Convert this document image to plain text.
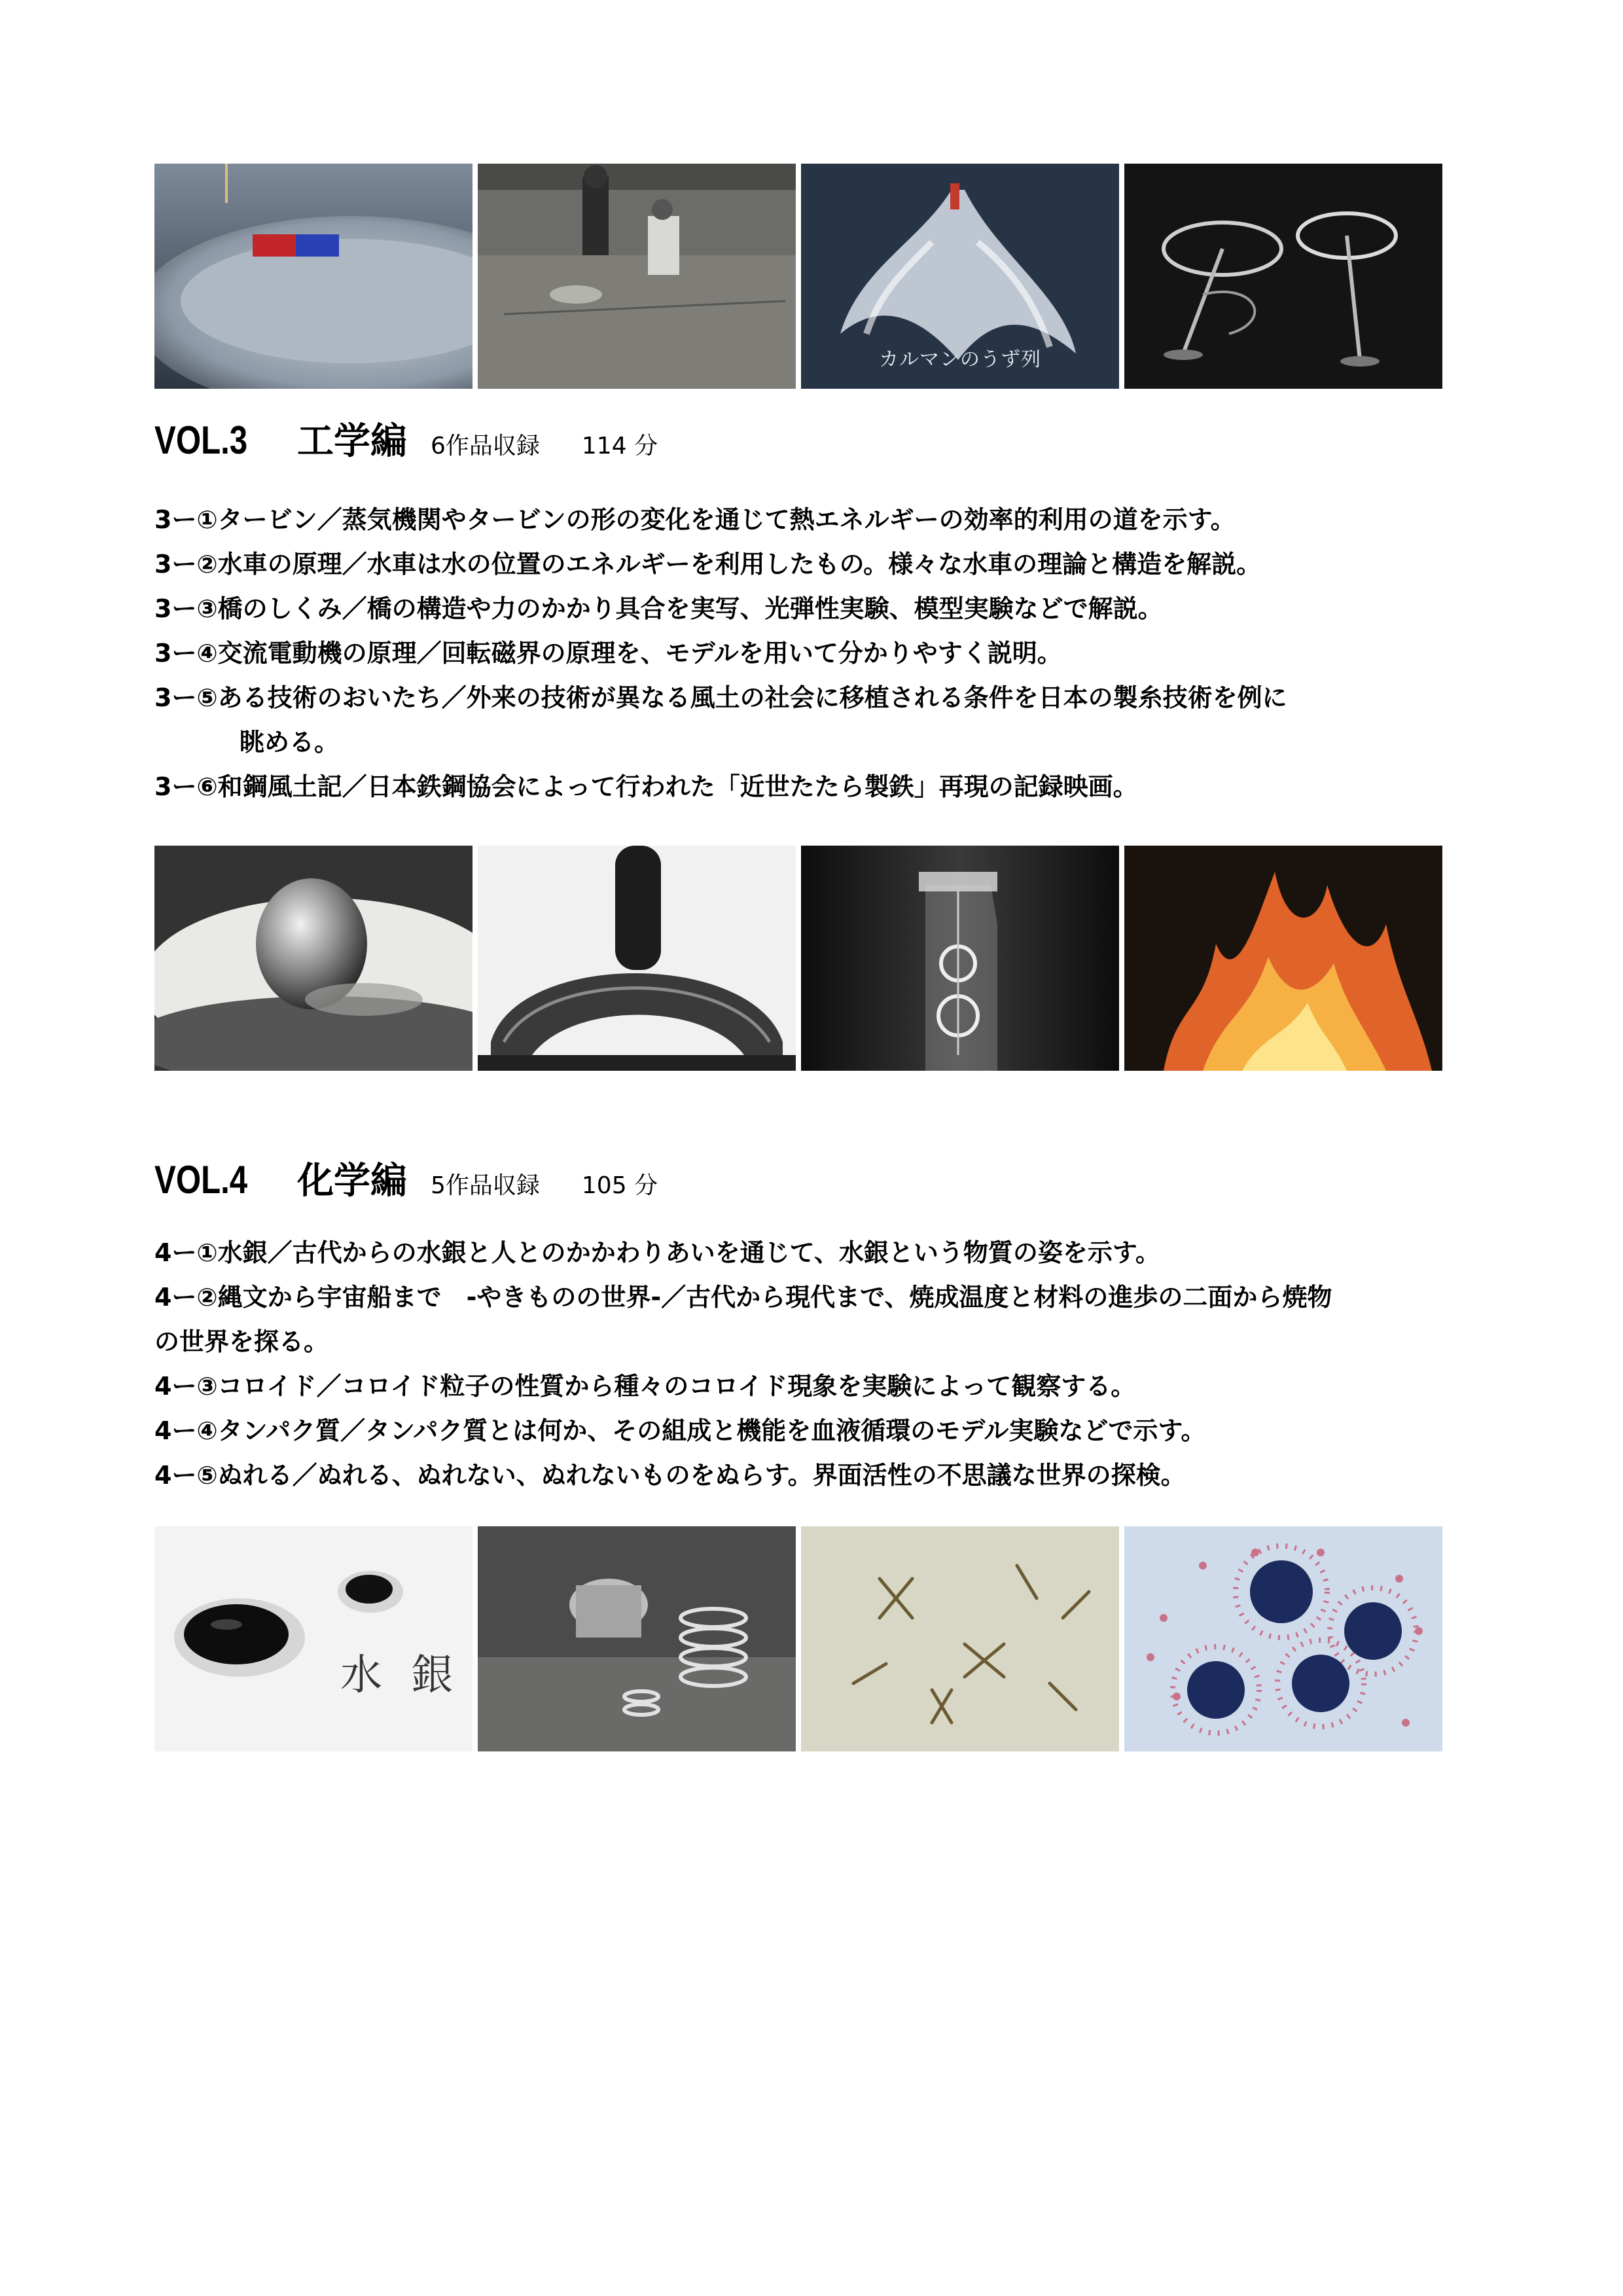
カルマンのうず列
VOL.3	工学編 6作品収録 114 分
3ー①タービン／蒸気機関やタービンの形の変化を通じて熱エネルギーの効率的利用の道を示す。
3ー②水車の原理／水車は水の位置のエネルギーを利用したもの。様々な水車の理論と構造を解説。
3ー③橋のしくみ／橋の構造や力のかかり具合を実写、光弾性実験、模型実験などで解説。
3ー④交流電動機の原理／回転磁界の原理を、モデルを用いて分かりやすく説明。
3ー⑤ある技術のおいたち／外来の技術が異なる風土の社会に移植される条件を日本の製糸技術を例に
眺める。
3ー⑥和鋼風土記／日本鉄鋼協会によって行われた「近世たたら製鉄」再現の記録映画。
VOL.4	化学編 5作品収録 105 分
4ー①水銀／古代からの水銀と人とのかかわりあいを通じて、水銀という物質の姿を示す。
4ー②縄文から宇宙船まで　-やきものの世界-／古代から現代まで、焼成温度と材料の進歩の二面から焼物
の世界を探る。
4ー③コロイド／コロイド粒子の性質から種々のコロイド現象を実験によって観察する。
4ー④タンパク質／タンパク質とは何か、その組成と機能を血液循環のモデル実験などで示す。
4ー⑤ぬれる／ぬれる、ぬれない、ぬれないものをぬらす。界面活性の不思議な世界の探検。
水 銀
